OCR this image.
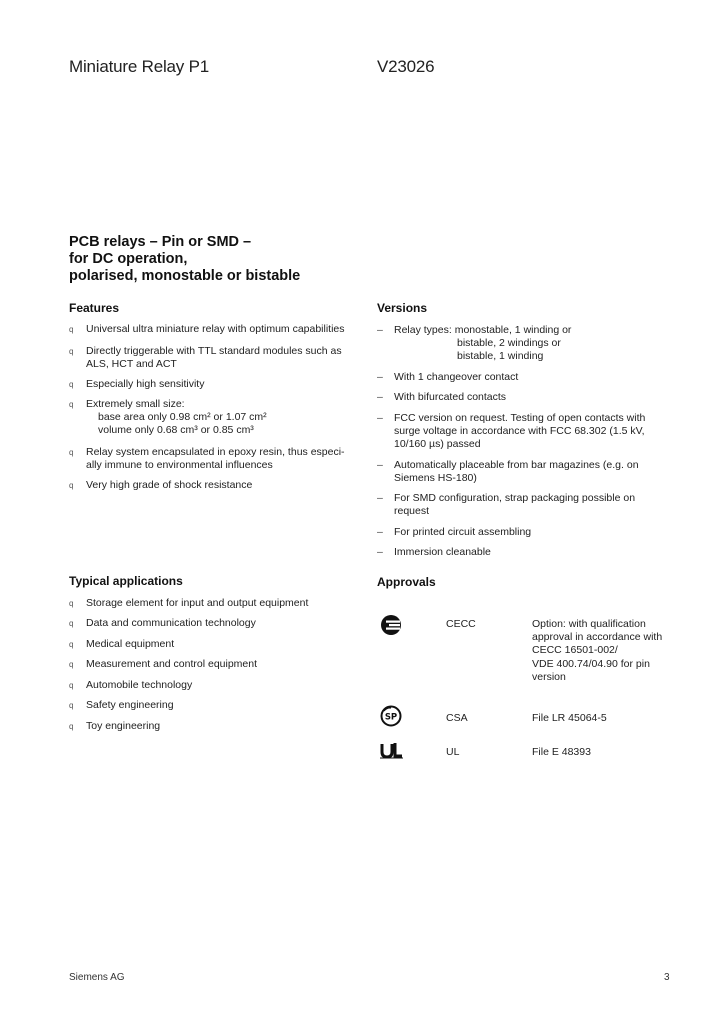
Miniature Relay P1	V23026
PCB relays – Pin or SMD –
for DC operation,
polarised, monostable or bistable
Features
q Universal ultra miniature relay with optimum capabilities
q Directly triggerable with TTL standard modules such as
ALS, HCT and ACT
q Especially high sensitivity
q Extremely small size:
base area only 0.98 cm² or 1.07 cm²
volume only 0.68 cm³ or 0.85 cm³
q Relay system encapsulated in epoxy resin, thus especi-
ally immune to environmental influences
q Very high grade of shock resistance
Versions
– Relay types: monostable, 1 winding or
bistable, 2 windings or
bistable, 1 winding
– With 1 changeover contact
– With bifurcated contacts
– FCC version on request. Testing of open contacts with
surge voltage in accordance with FCC 68.302 (1.5 kV,
10/160 µs) passed
– Automatically placeable from bar magazines (e.g. on
Siemens HS-180)
– For SMD configuration, strap packaging possible on
request
– For printed circuit assembling
– Immersion cleanable
Typical applications
q Storage element for input and output equipment
q Data and communication technology
q Medical equipment
q Measurement and control equipment
q Automobile technology
q Safety engineering
q Toy engineering
Approvals
CECC	Option: with qualification
approval in accordance with
CECC 16501-002/
VDE 400.74/04.90 for pin
version
SP	CSA	File LR 45064-5
UL	File E 48393
Siemens AG	3
